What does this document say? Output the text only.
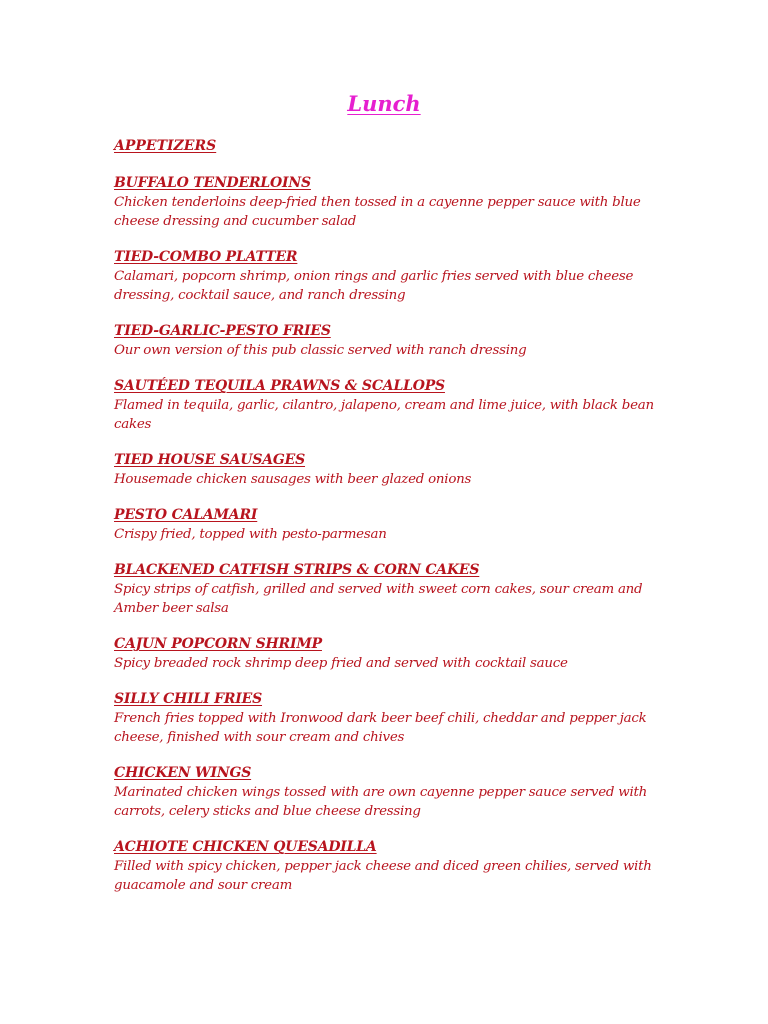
Lunch
APPETIZERS
BUFFALO TENDERLOINS
Chicken tenderloins deep-fried then tossed in a cayenne pepper sauce with blue cheese dressing and cucumber salad
TIED-COMBO PLATTER
Calamari, popcorn shrimp, onion rings and garlic fries served with blue cheese dressing, cocktail sauce, and ranch dressing
TIED-GARLIC-PESTO FRIES
Our own version of this pub classic served with ranch dressing
SAUTÉED TEQUILA PRAWNS & SCALLOPS
Flamed in tequila, garlic, cilantro, jalapeno, cream and lime juice, with black bean cakes
TIED HOUSE SAUSAGES
Housemade chicken sausages with beer glazed onions
PESTO CALAMARI
Crispy fried, topped with pesto-parmesan
BLACKENED CATFISH STRIPS & CORN CAKES
Spicy strips of catfish, grilled and served with sweet corn cakes, sour cream and Amber beer salsa
CAJUN POPCORN SHRIMP
Spicy breaded rock shrimp deep fried and served with cocktail sauce
SILLY CHILI FRIES
French fries topped with Ironwood dark beer beef chili, cheddar and pepper jack cheese, finished with sour cream and chives
CHICKEN WINGS
Marinated chicken wings tossed with are own cayenne pepper sauce served with carrots, celery sticks and blue cheese dressing
ACHIOTE CHICKEN QUESADILLA
Filled with spicy chicken, pepper jack cheese and diced green chilies, served with guacamole and sour cream
